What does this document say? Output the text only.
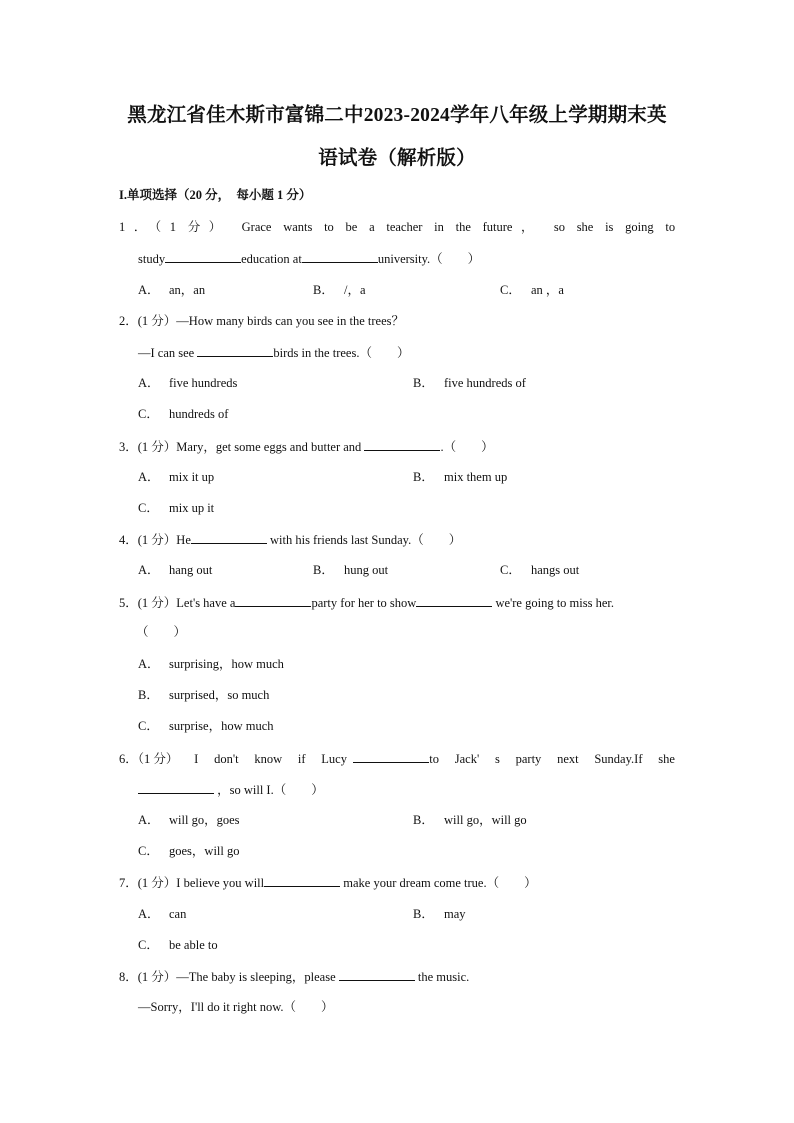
黑龙江省佳木斯市富锦二中2023-2024学年八年级上学期期末英
语试卷（解析版）
I.单项选择（20 分，　每小题 1 分）
1．（1 分） Grace wants to be a teacher in the future， so she is going to
study	education at	university.（　　）
A． an，an	B． /，a	C． an ，a
2．(1 分）—How many birds can you see in the trees？
—I can see	birds in the trees.（　　）
A． five hundreds	B． five hundreds of
C． hundreds of
3．(1 分）Mary，get some eggs and butter and	.（　　）
A． mix it up	B． mix them up
C． mix up it
4．(1 分）He	with his friends last Sunday.（　　）
A． hang out	B． hung out	C． hangs out
5．(1 分）Let's have a	party for her to show	we're going to miss her.
（　　）
A． surprising，how much
B． surprised，so much
C． surprise，how much
6．（1 分） I don't know if Lucy	to Jack' s party next Sunday.If she
，so will I.（　　）
A． will go，goes	B． will go，will go
C． goes，will go
7．(1 分）I believe you will	make your dream come true.（　　）
A． can	B． may
C． be able to
8．(1 分）—The baby is sleeping，please	the music.
—Sorry，I'll do it right now.（　　）
